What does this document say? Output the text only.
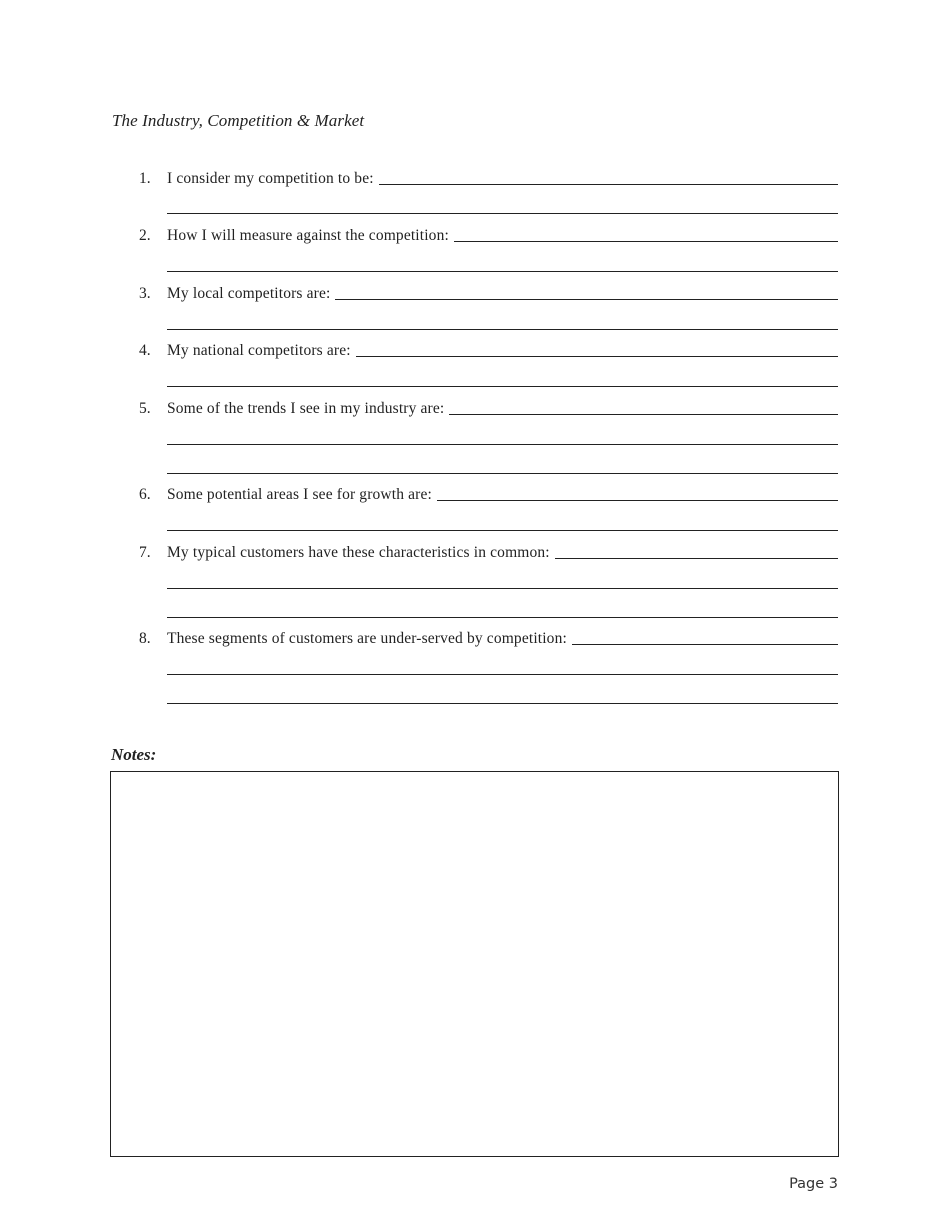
The Industry, Competition & Market
1. I consider my competition to be:
2. How I will measure against the competition:
3. My local competitors are:
4. My national competitors are:
5. Some of the trends I see in my industry are:
6. Some potential areas I see for growth are:
7. My typical customers have these characteristics in common:
8. These segments of customers are under-served by competition:
Notes:
Page 3
